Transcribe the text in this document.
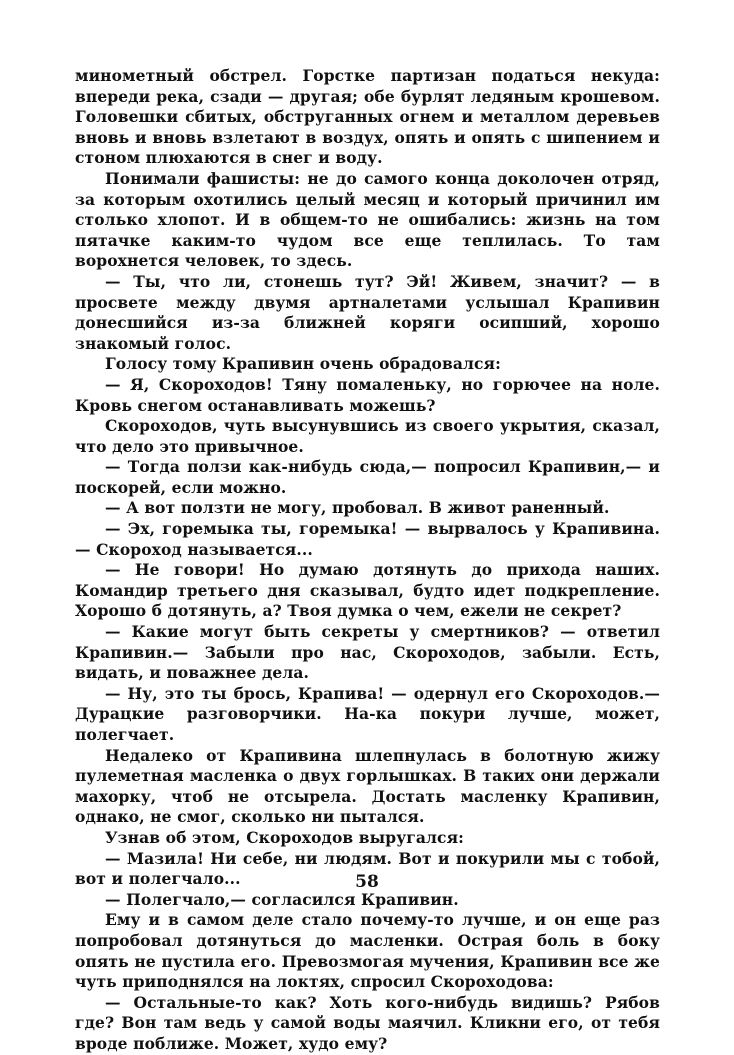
минометный обстрел. Горстке партизан податься некуда: впереди река, сзади — другая; обе бурлят ледяным крошевом. Головешки сбитых, обструганных огнем и металлом деревьев вновь и вновь взлетают в воздух, опять и опять с шипением и стоном плюхаются в снег и воду.

Понимали фашисты: не до самого конца доколочен отряд, за которым охотились целый месяц и который причинил им столько хлопот. И в общем-то не ошибались: жизнь на том пятачке каким-то чудом все еще теплилась. То там ворохнется человек, то здесь.

— Ты, что ли, стонешь тут? Эй! Живем, значит? — в просвете между двумя артналетами услышал Крапивин донесшийся из-за ближней коряги осипший, хорошо знакомый голос.

Голосу тому Крапивин очень обрадовался:

— Я, Скороходов! Тяну помаленьку, но горючее на ноле. Кровь снегом останавливать можешь?

Скороходов, чуть высунувшись из своего укрытия, сказал, что дело это привычное.

— Тогда ползи как-нибудь сюда,— попросил Крапивин,— и поскорей, если можно.

— А вот ползти не могу, пробовал. В живот раненный.

— Эх, горемыка ты, горемыка! — вырвалось у Крапивина.— Скороход называется...

— Не говори! Но думаю дотянуть до прихода наших. Командир третьего дня сказывал, будто идет подкрепление. Хорошо б дотянуть, а? Твоя думка о чем, ежели не секрет?

— Какие могут быть секреты у смертников? — ответил Крапивин.— Забыли про нас, Скороходов, забыли. Есть, видать, и поважнее дела.

— Ну, это ты брось, Крапива! — одернул его Скороходов.— Дурацкие разговорчики. На-ка покури лучше, может, полегчает.

Недалеко от Крапивина шлепнулась в болотную жижу пулеметная масленка о двух горлышках. В таких они держали махорку, чтоб не отсырела. Достать масленку Крапивин, однако, не смог, сколько ни пытался.

Узнав об этом, Скороходов выругался:

— Мазила! Ни себе, ни людям. Вот и покурили мы с тобой, вот и полегчало...

— Полегчало,— согласился Крапивин.

Ему и в самом деле стало почему-то лучше, и он еще раз попробовал дотянуться до масленки. Острая боль в боку опять не пустила его. Превозмогая мучения, Крапивин все же чуть приподнялся на локтях, спросил Скороходова:

— Остальные-то как? Хоть кого-нибудь видишь? Рябов где? Вон там ведь у самой воды маячил. Кликни его, от тебя вроде поближе. Может, худо ему?

58
